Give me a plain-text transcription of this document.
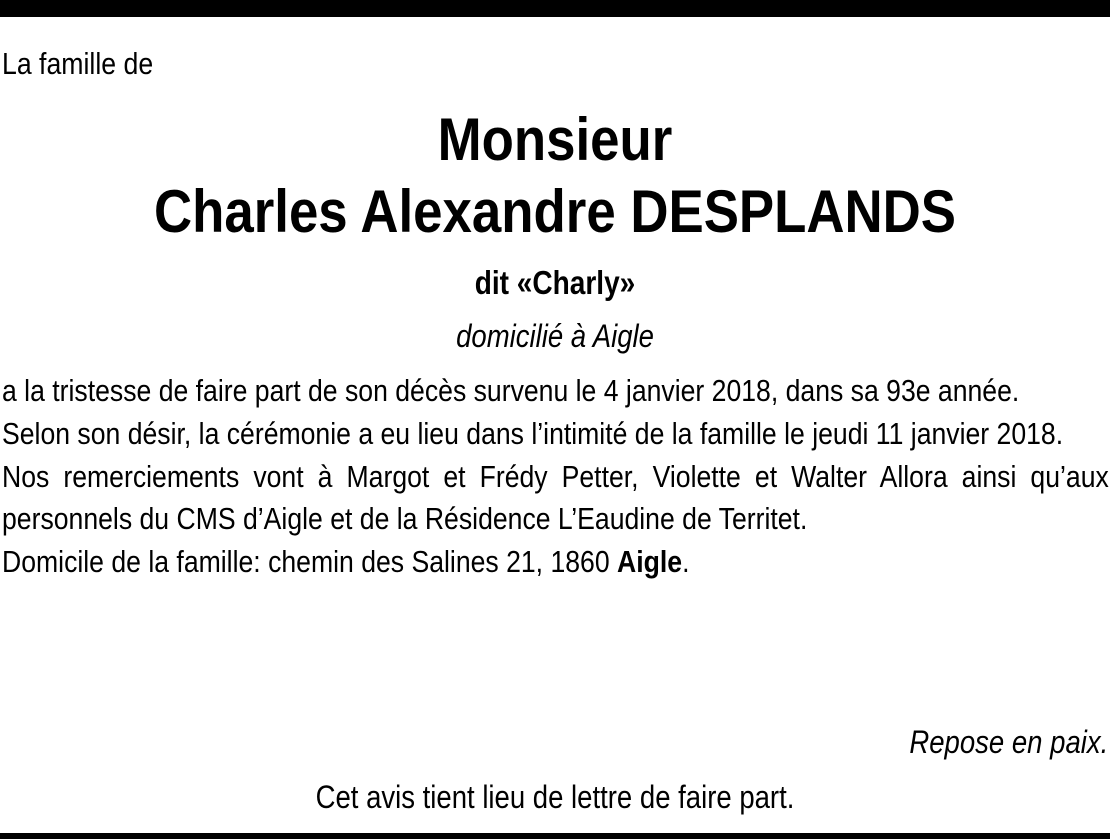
La famille de
Monsieur
Charles Alexandre DESPLANDS
dit «Charly»
domicilié à Aigle

a la tristesse de faire part de son décès survenu le 4 janvier 2018, dans sa 93e année.

Selon son désir, la cérémonie a eu lieu dans l’intimité de la famille le jeudi 11 janvier 2018.

Nos remerciements vont à Margot et Frédy Petter, Violette et Walter Allora ainsi qu’aux personnels du CMS d’Aigle et de la Résidence L’Eaudine de Territet.

Domicile de la famille: chemin des Salines 21, 1860 Aigle.

Repose en paix.
Cet avis tient lieu de lettre de faire part.
